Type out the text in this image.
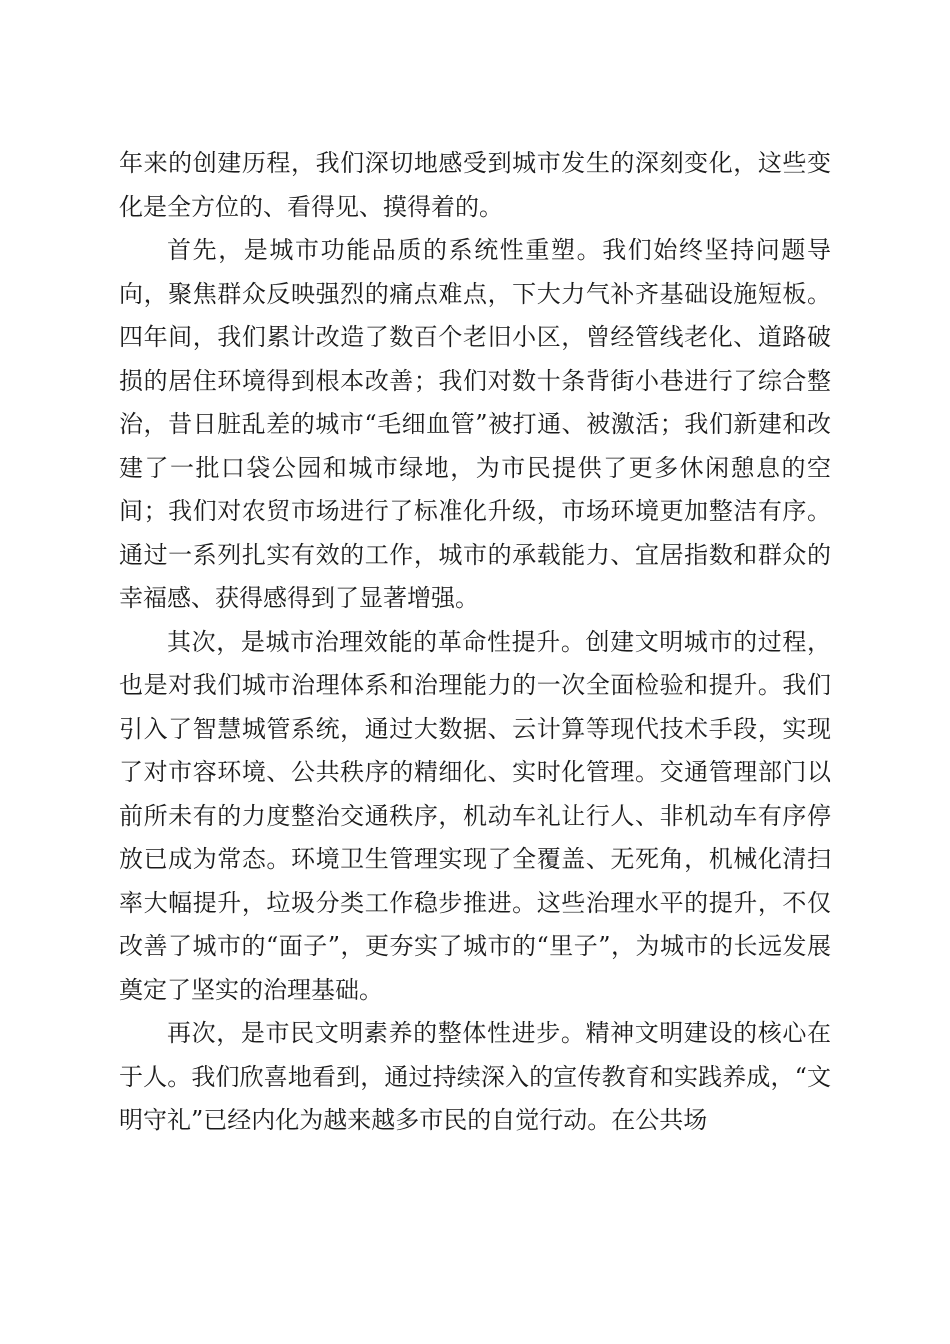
年来的创建历程，我们深切地感受到城市发生的深刻变化，这些变化是全方位的、看得见、摸得着的。

首先，是城市功能品质的系统性重塑。我们始终坚持问题导向，聚焦群众反映强烈的痛点难点，下大力气补齐基础设施短板。四年间，我们累计改造了数百个老旧小区，曾经管线老化、道路破损的居住环境得到根本改善；我们对数十条背街小巷进行了综合整治，昔日脏乱差的城市“毛细血管”被打通、被激活；我们新建和改建了一批口袋公园和城市绿地，为市民提供了更多休闲憩息的空间；我们对农贸市场进行了标准化升级，市场环境更加整洁有序。通过一系列扎实有效的工作，城市的承载能力、宜居指数和群众的幸福感、获得感得到了显著增强。

其次，是城市治理效能的革命性提升。创建文明城市的过程，也是对我们城市治理体系和治理能力的一次全面检验和提升。我们引入了智慧城管系统，通过大数据、云计算等现代技术手段，实现了对市容环境、公共秩序的精细化、实时化管理。交通管理部门以前所未有的力度整治交通秩序，机动车礼让行人、非机动车有序停放已成为常态。环境卫生管理实现了全覆盖、无死角，机械化清扫率大幅提升，垃圾分类工作稳步推进。这些治理水平的提升，不仅改善了城市的“面子”，更夯实了城市的“里子”，为城市的长远发展奠定了坚实的治理基础。

再次，是市民文明素养的整体性进步。精神文明建设的核心在于人。我们欣喜地看到，通过持续深入的宣传教育和实践养成，“文明守礼”已经内化为越来越多市民的自觉行动。在公共场
